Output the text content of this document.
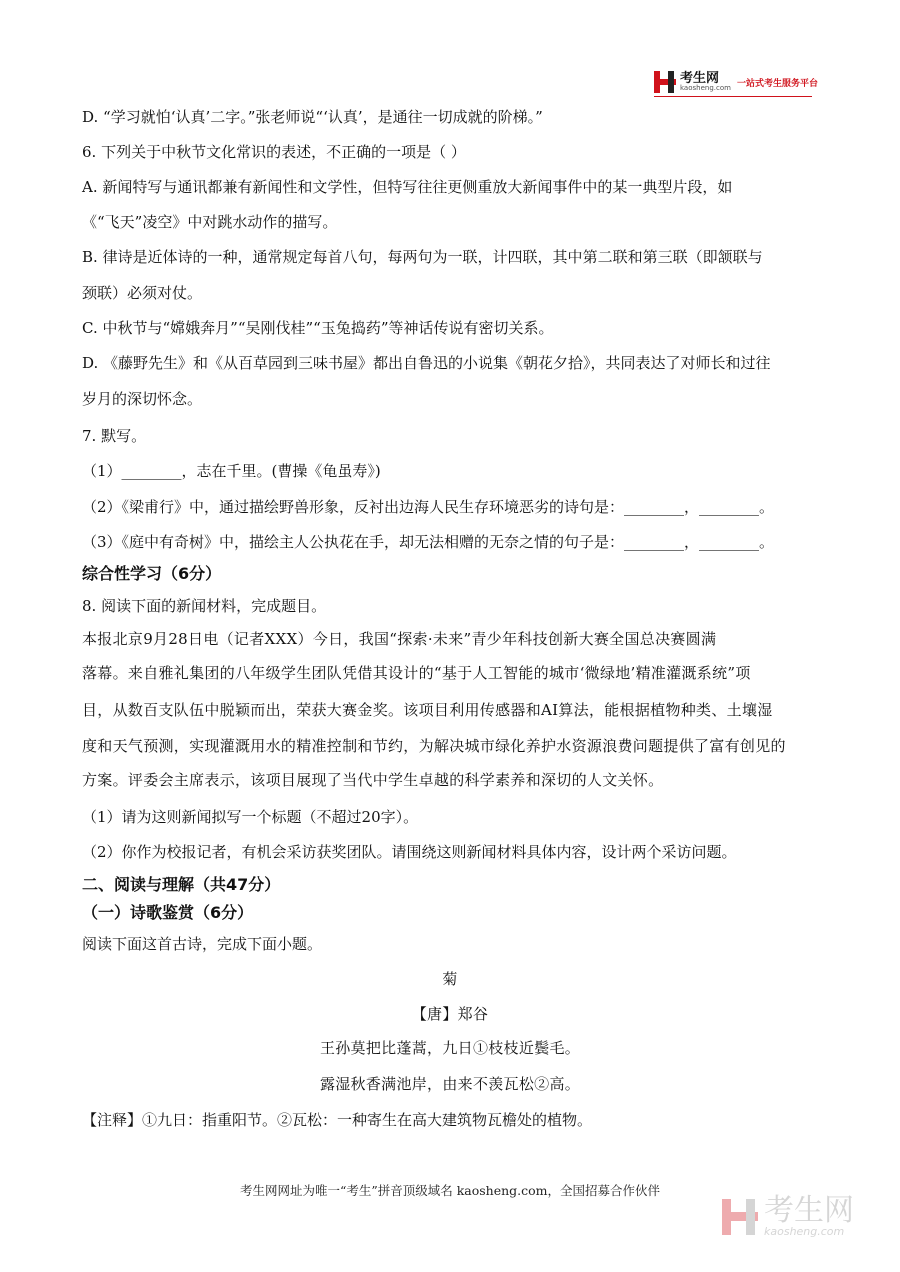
考生网
kaosheng.com 一站式考生服务平台
D. “学习就怕‘认真’二字。”张老师说“‘认真’，是通往一切成就的阶梯。”
6. 下列关于中秋节文化常识的表述，不正确的一项是（ ）
A. 新闻特写与通讯都兼有新闻性和文学性，但特写往往更侧重放大新闻事件中的某一典型片段，如
《“飞天”凌空》中对跳水动作的描写。
B. 律诗是近体诗的一种，通常规定每首八句，每两句为一联，计四联，其中第二联和第三联（即颔联与
颈联）必须对仗。
C. 中秋节与“嫦娥奔月”“吴刚伐桂”“玉兔捣药”等神话传说有密切关系。
D. 《藤野先生》和《从百草园到三味书屋》都出自鲁迅的小说集《朝花夕拾》，共同表达了对师长和过往
岁月的深切怀念。
7. 默写。
（1）________，志在千里。(曹操《龟虽寿》)
（2）《梁甫行》中，通过描绘野兽形象，反衬出边海人民生存环境恶劣的诗句是：________，________。
（3）《庭中有奇树》中，描绘主人公执花在手，却无法相赠的无奈之情的句子是：________，________。
综合性学习（6分）
8. 阅读下面的新闻材料，完成题目。
本报北京9月28日电（记者XXX）今日，我国“探索·未来”青少年科技创新大赛全国总决赛圆满
落幕。来自雅礼集团的八年级学生团队凭借其设计的“基于人工智能的城市‘微绿地’精准灌溉系统”项
目，从数百支队伍中脱颖而出，荣获大赛金奖。该项目利用传感器和AI算法，能根据植物种类、土壤湿
度和天气预测，实现灌溉用水的精准控制和节约，为解决城市绿化养护水资源浪费问题提供了富有创见的
方案。评委会主席表示，该项目展现了当代中学生卓越的科学素养和深切的人文关怀。
（1）请为这则新闻拟写一个标题（不超过20字）。
（2）你作为校报记者，有机会采访获奖团队。请围绕这则新闻材料具体内容，设计两个采访问题。
二、阅读与理解（共47分）
（一）诗歌鉴赏（6分）
阅读下面这首古诗，完成下面小题。
菊
【唐】郑谷
王孙莫把比蓬蒿，九日①枝枝近鬓毛。
露湿秋香满池岸，由来不羡瓦松②高。
【注释】①九日：指重阳节。②瓦松：一种寄生在高大建筑物瓦檐处的植物。
考生网网址为唯一“考生”拼音顶级域名 kaosheng.com，全国招募合作伙伴
考生网
kaosheng.com
